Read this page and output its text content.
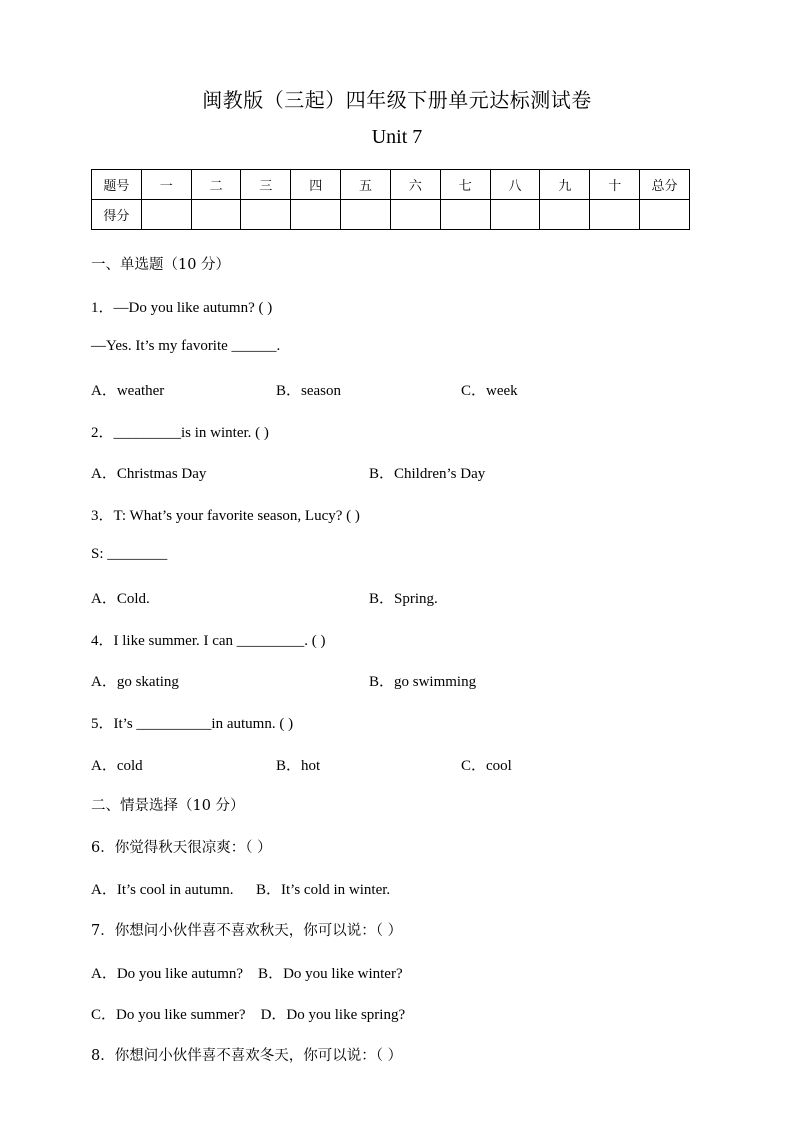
闽教版（三起）四年级下册单元达标测试卷
Unit 7
题号	一	二	三	四	五	六	七	八	九	十	总分
得分											
一、单选题（10 分）
1．—Do you like autumn? ( )
—Yes. It’s my favorite ______.
A．weather	B．season	C．week
2．_________is in winter. ( )
A．Christmas Day	B．Children’s Day
3．T: What’s your favorite season, Lucy? ( )
S: ________
A．Cold.	B．Spring.
4．I like summer. I can _________. ( )
A．go skating	B．go swimming
5．It’s __________in autumn. ( )
A．cold	B．hot	C．cool
二、情景选择（10 分）
6．你觉得秋天很凉爽：（ ）
A．It’s cool in autumn.      B．It’s cold in winter.
7．你想问小伙伴喜不喜欢秋天，你可以说：（ ）
A．Do you like autumn?    B．Do you like winter?
C．Do you like summer?    D．Do you like spring?
8．你想问小伙伴喜不喜欢冬天，你可以说：（ ）
